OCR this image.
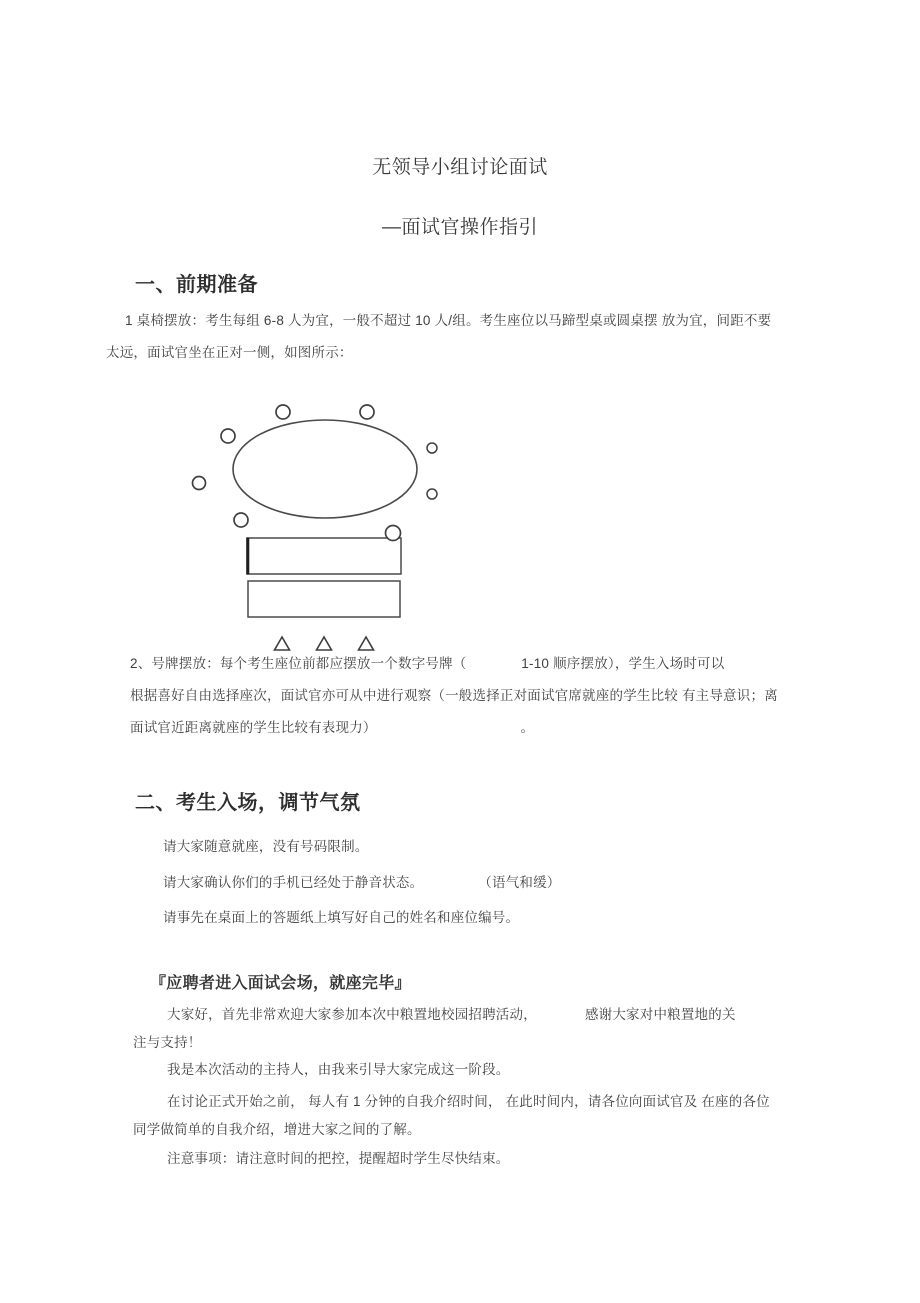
无领导小组讨论面试
—面试官操作指引
一、前期准备
1 桌椅摆放：考生每组 6-8 人为宜，一般不超过 10 人/组。考生座位以马蹄型桌或圆桌摆 放为宜，间距不要
太远，面试官坐在正对一侧，如图所示：
2、号牌摆放：每个考生座位前都应摆放一个数字号牌（　　　　1-10 顺序摆放），学生入场时可以
根据喜好自由选择座次，面试官亦可从中进行观察（一般选择正对面试官席就座的学生比较 有主导意识；离
面试官近距离就座的学生比较有表现力）　　　　　　　　　　　。
二、考生入场，调节气氛
请大家随意就座，没有号码限制。
请大家确认你们的手机已经处于静音状态。　　　　　（语气和缓）
请事先在桌面上的答题纸上填写好自己的姓名和座位编号。
『应聘者进入面试会场，就座完毕』
大家好，首先非常欢迎大家参加本次中粮置地校园招聘活动，　　　　感谢大家对中粮置地的关
注与支持！
我是本次活动的主持人，由我来引导大家完成这一阶段。
在讨论正式开始之前， 每人有 1 分钟的自我介绍时间， 在此时间内，请各位向面试官及 在座的各位
同学做简单的自我介绍，增进大家之间的了解。
注意事项：请注意时间的把控，提醒超时学生尽快结束。
